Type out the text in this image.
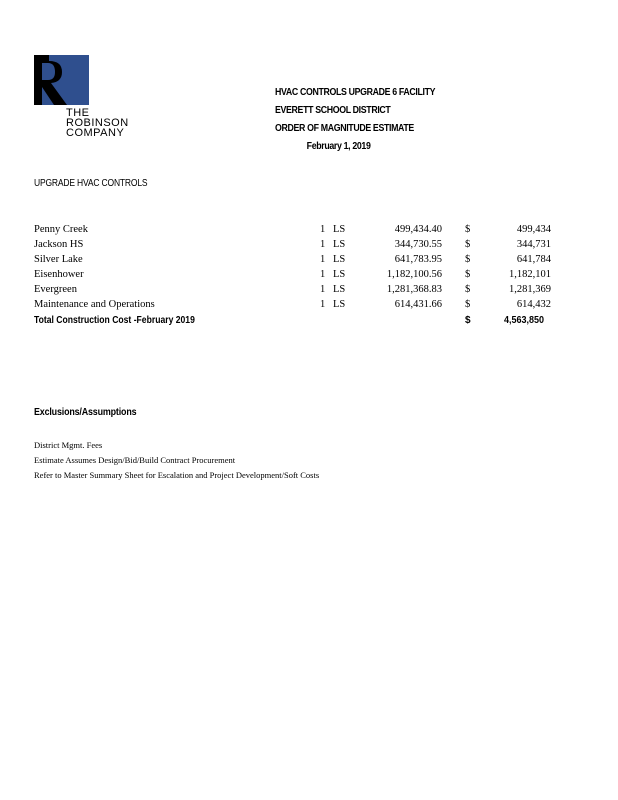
THE
ROBINSON
COMPANY
HVAC CONTROLS UPGRADE 6 FACILITY
EVERETT SCHOOL DISTRICT
ORDER OF MAGNITUDE ESTIMATE
February 1, 2019
UPGRADE HVAC CONTROLS
Penny Creek	1 LS	499,434.40 $	499,434
Jackson HS	1 LS	344,730.55 $	344,731
Silver Lake	1 LS	641,783.95 $	641,784
Eisenhower	1 LS	1,182,100.56 $	1,182,101
Evergreen	1 LS	1,281,368.83 $	1,281,369
Maintenance and Operations	1 LS	614,431.66 $	614,432
Total Construction Cost -February 2019	$	4,563,850
Exclusions/Assumptions
District Mgmt. Fees
Estimate Assumes Design/Bid/Build Contract Procurement
Refer to Master Summary Sheet for Escalation and Project Development/Soft Costs
